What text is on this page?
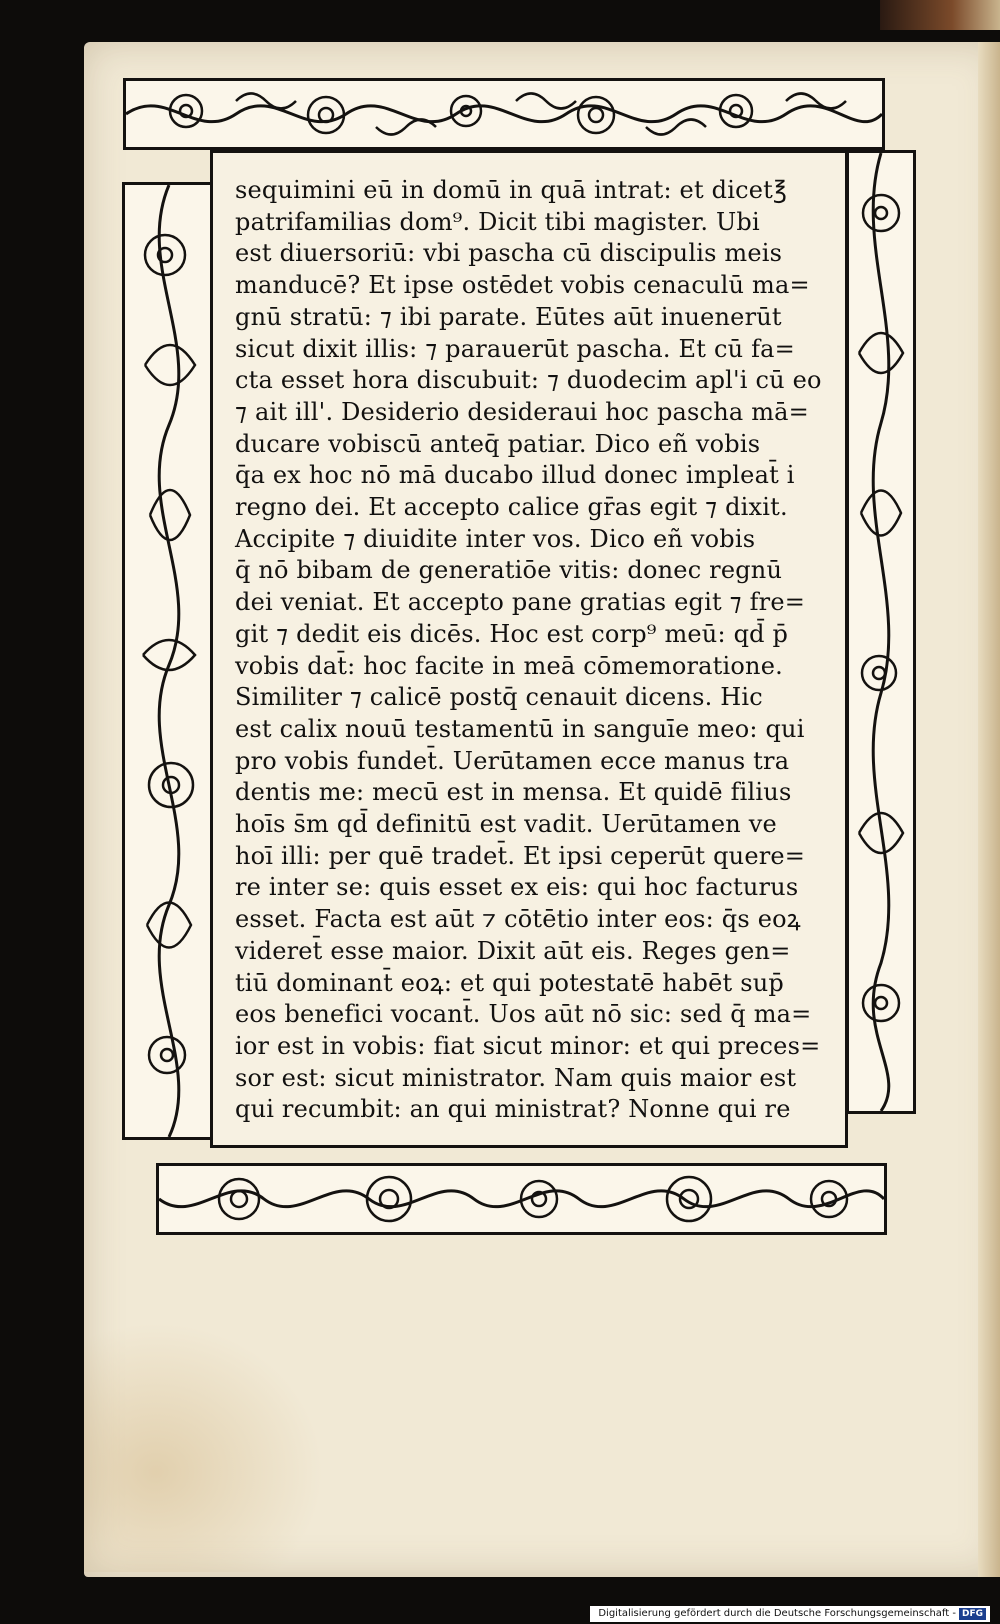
sequimini eū in domū in quā intrat: et dicet℥
patrifamilias dom⁹. Dicit tibi magister. Ubi
est diuersoriū: vbi pascha cū discipulis meis
manducē? Et ipse ostēdet vobis cenaculū ma=
gnū stratū: ⁊ ibi parate. Eūtes aūt inuenerūt
sicut dixit illis: ⁊ parauerūt pascha. Et cū fa=
cta esset hora discubuit: ⁊ duodecim apl'i cū eo
⁊ ait ill'. Desiderio desideraui hoc pascha mā=
ducare vobiscū anteq̄ patiar. Dico eñ vobis
q̄a ex hoc nō mā ducabo illud donec impleat̄ i
regno dei. Et accepto calice gr̄as egit ⁊ dixit.
Accipite ⁊ diuidite inter vos. Dico eñ vobis
q̄ nō bibam de generatiōe vitis: donec regnū
dei veniat. Et accepto pane gratias egit ⁊ fre=
git ⁊ dedit eis dicēs. Hoc est corp⁹ meū: qd̄ p̄
vobis dat̄: hoc facite in meā cōmemoratione.
Similiter ⁊ calicē postq̄ cenauit dicens. Hic
est calix nouū testamentū in sanguīe meo: qui
pro vobis fundet̄. Uerūtamen ecce manus tra
dentis me: mecū est in mensa. Et quidē filius
hoīs s̄m qd̄ definitū est vadit. Uerūtamen ve
hoī illi: per quē tradet̄. Et ipsi ceperūt quere=
re inter se: quis esset ex eis: qui hoc facturus
esset. Facta est aūt ⁊ cōtētio inter eos: q̄s eoꝝ
videret̄ esse maior. Dixit aūt eis. Reges gen=
tiū dominant̄ eoꝝ: et qui potestatē habēt sup̄
eos benefici vocant̄. Uos aūt nō sic: sed q̄ ma=
ior est in vobis: fiat sicut minor: et qui preces=
sor est: sicut ministrator. Nam quis maior est
qui recumbit: an qui ministrat? Nonne qui re
Digitalisierung gefördert durch die Deutsche Forschungsgemeinschaft - DFG
